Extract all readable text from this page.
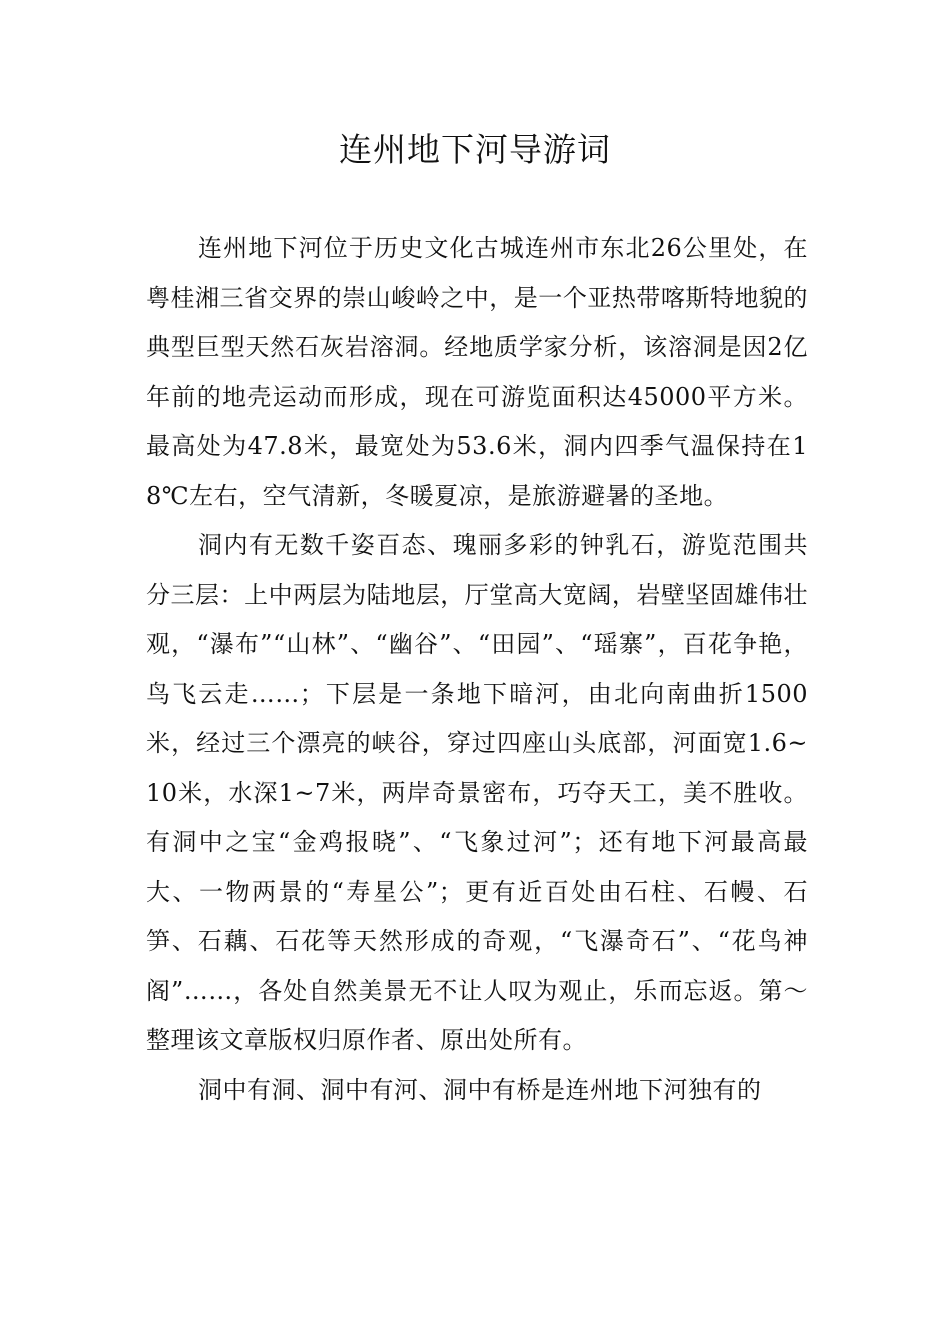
连州地下河导游词

连州地下河位于历史文化古城连州市东北26公里处，在粤桂湘三省交界的崇山峻岭之中，是一个亚热带喀斯特地貌的典型巨型天然石灰岩溶洞。经地质学家分析，该溶洞是因2亿年前的地壳运动而形成，现在可游览面积达45000平方米。最高处为47.8米，最宽处为53.6米，洞内四季气温保持在18℃左右，空气清新，冬暖夏凉，是旅游避暑的圣地。

洞内有无数千姿百态、瑰丽多彩的钟乳石，游览范围共分三层：上中两层为陆地层，厅堂高大宽阔，岩壁坚固雄伟壮观，“瀑布”“山林”、“幽谷”、“田园”、“瑶寨”，百花争艳，鸟飞云走……；下层是一条地下暗河，由北向南曲折1500米，经过三个漂亮的峡谷，穿过四座山头底部，河面宽1.6~10米，水深1~7米，两岸奇景密布，巧夺天工，美不胜收。有洞中之宝“金鸡报晓”、“飞象过河”；还有地下河最高最大、一物两景的“寿星公”；更有近百处由石柱、石幔、石笋、石藕、石花等天然形成的奇观，“飞瀑奇石”、“花鸟神阁”……，各处自然美景无不让人叹为观止，乐而忘返。第～整理该文章版权归原作者、原出处所有。

洞中有洞、洞中有河、洞中有桥是连州地下河独有的
